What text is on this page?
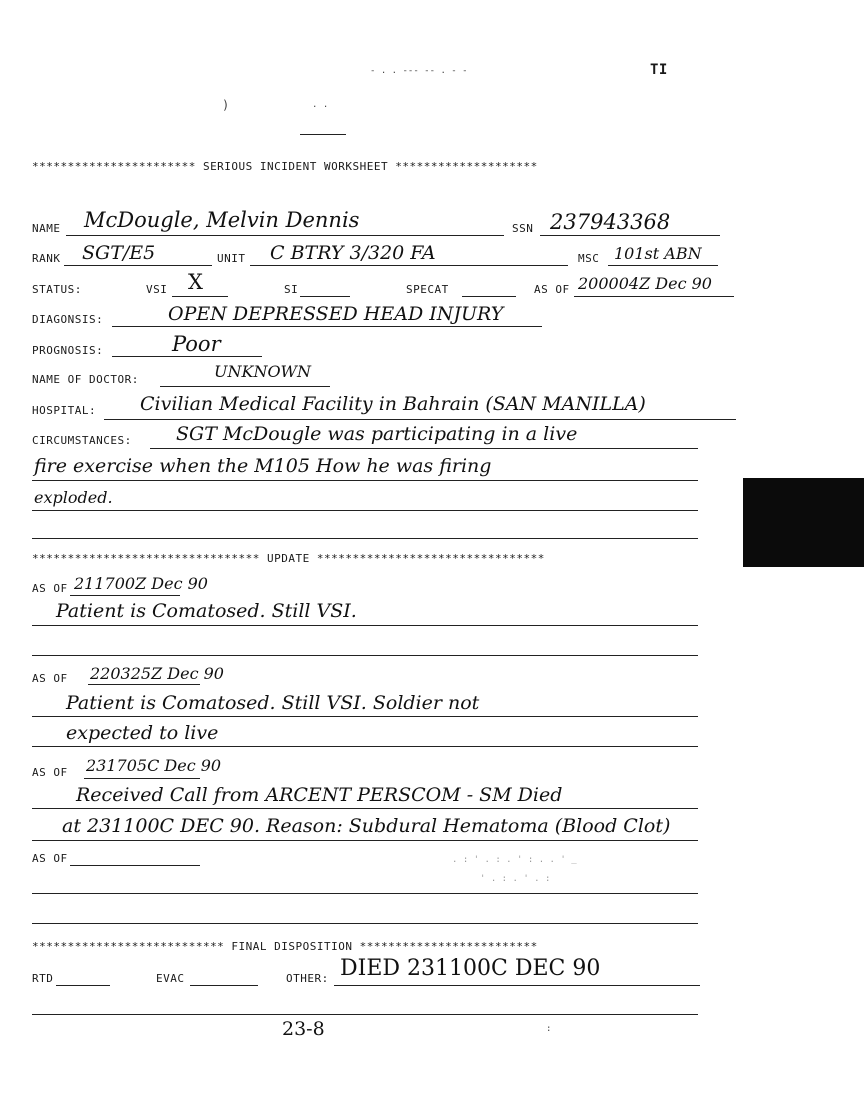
‐ . . ‐‐‐ ‐‐ . ‐ ‐
)	. .
TI
*********************** SERIOUS INCIDENT WORKSHEET ********************
NAME McDougle, Melvin Dennis	SSN 237943368
RANK SGT/E5	UNIT C BTRY 3/320 FA	MSC 101st ABN
STATUS:	VSI X	SI	SPECAT	AS OF 200004Z Dec 90
DIAGONSIS:	OPEN DEPRESSED HEAD INJURY
PROGNOSIS:	Poor
NAME OF DOCTOR:	UNKNOWN
HOSPITAL: Civilian Medical Facility in Bahrain (SAN MANILLA)
CIRCUMSTANCES: SGT McDougle was participating in a live
fire exercise when the M105 How he was firing
exploded.
******************************** UPDATE ********************************
AS OF 211700Z Dec 90
Patient is Comatosed. Still VSI.
AS OF 220325Z Dec 90
Patient is Comatosed. Still VSI. Soldier not
expected to live
AS OF 231705C Dec 90
Received Call from ARCENT PERSCOM - SM Died
at 231100C DEC 90. Reason: Subdural Hematoma (Blood Clot)
AS OF	. : ' . : . ' : . . ' _
' . : . ' . :
*************************** FINAL DISPOSITION *************************
RTD	EVAC	OTHER: DIED 231100C DEC 90
23-8	:
